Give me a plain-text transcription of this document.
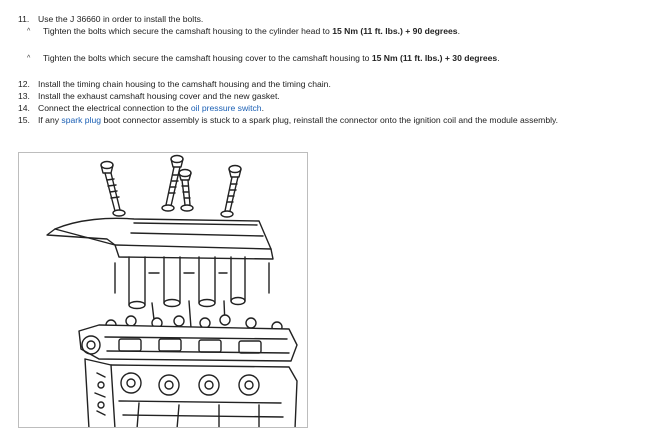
11. Use the J 36660 in order to install the bolts.
^ Tighten the bolts which secure the camshaft housing to the cylinder head to 15 Nm (11 ft. lbs.) + 90 degrees.
^ Tighten the bolts which secure the camshaft housing cover to the camshaft housing to 15 Nm (11 ft. lbs.) + 30 degrees.
12. Install the timing chain housing to the camshaft housing and the timing chain.
13. Install the exhaust camshaft housing cover and the new gasket.
14. Connect the electrical connection to the oil pressure switch.
15. If any spark plug boot connector assembly is stuck to a spark plug, reinstall the connector onto the ignition coil and the module assembly.
